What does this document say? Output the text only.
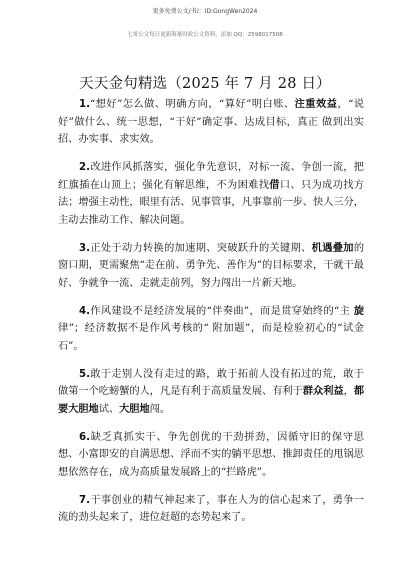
更多免费公文/书/：ID:GongWen2024
七哥公文每日更新海量时政公文资料，添加 QQ：2598017508
天天金句精选（2025 年 7 月 28 日）

1.“想好”怎么做、明确方向，“算好”明白账、注重效益，“说好”做什么、统一思想，“干好”确定事、达成目标，真正 做到出实招、办实事、求实效。

2.改进作风抓落实，强化争先意识，对标一流、争创一流，把红旗插在山顶上；强化有解思维，不为困难找借口、只为成功找方法；增强主动性，眼里有活、见事管事，凡事靠前一步、快人三分，主动去推动工作、解决问题。

3.正处于动力转换的加速期、突破跃升的关键期、机遇叠加的窗口期，更需聚焦“走在前、勇争先、善作为”的目标要求，干就干最好、争就争一流、走就走前列，努力闯出一片新天地。

4.作风建设不是经济发展的“伴奏曲”，而是贯穿始终的“主 旋律”；经济数据不是作风考核的“ 附加题”，而是检验初心的“试金石”。

5.敢于走别人没有走过的路，敢于拓前人没有拓过的荒，敢于做第一个吃螃蟹的人，凡是有利于高质量发展、有利于群众利益，都要大胆地试、大胆地闯。

6.缺乏真抓实干、争先创优的干劲拼劲，因循守旧的保守思想、小富即安的自满思想、浮而不实的躺平思想、推卸责任的甩锅思想依然存在，成为高质量发展路上的“拦路虎”。

7.干事创业的精气神起来了，事在人为的信心起来了，勇争一流的劲头起来了，进位赶超的态势起来了。
